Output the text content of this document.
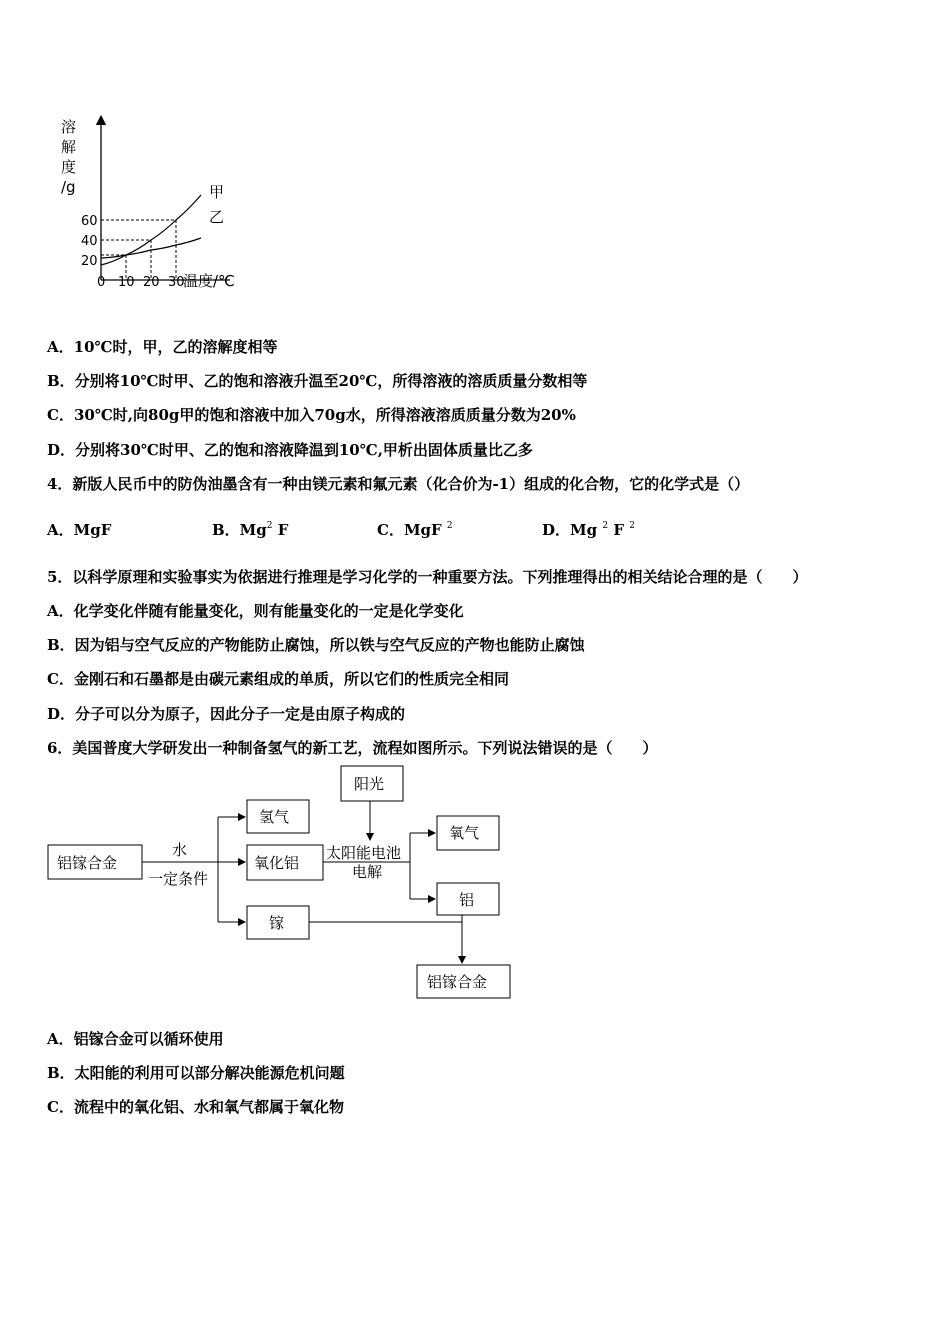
溶
解
度
/g	甲
乙
20
40
60
0 10 20 30
温度/℃
A．10℃时，甲，乙的溶解度相等
B．分别将10℃时甲、乙的饱和溶液升温至20℃，所得溶液的溶质质量分数相等
C．30℃时,向80g甲的饱和溶液中加入70g水，所得溶液溶质质量分数为20%
D．分别将30℃时甲、乙的饱和溶液降温到10℃,甲析出固体质量比乙多
4．新版人民币中的防伪油墨含有一种由镁元素和氟元素（化合价为-1）组成的化合物，它的化学式是（）
A．MgF	B．Mg$^2$ F	C．MgF $^2$	D．Mg $^2$ F $^2$
5．以科学原理和实验事实为依据进行推理是学习化学的一种重要方法。下列推理得出的相关结论合理的是（　　）
A．化学变化伴随有能量变化，则有能量变化的一定是化学变化
B．因为铝与空气反应的产物能防止腐蚀，所以铁与空气反应的产物也能防止腐蚀
C．金刚石和石墨都是由碳元素组成的单质，所以它们的性质完全相同
D．分子可以分为原子，因此分子一定是由原子构成的
6．美国普度大学研发出一种制备氢气的新工艺，流程如图所示。下列说法错误的是（　　）
铝镓合金
水
一定条件
氢气
氧化铝
镓
阳光
太阳能电池
电解
氧气
铝
铝镓合金
A．铝镓合金可以循环使用
B．太阳能的利用可以部分解决能源危机问题
C．流程中的氧化铝、水和氧气都属于氧化物
